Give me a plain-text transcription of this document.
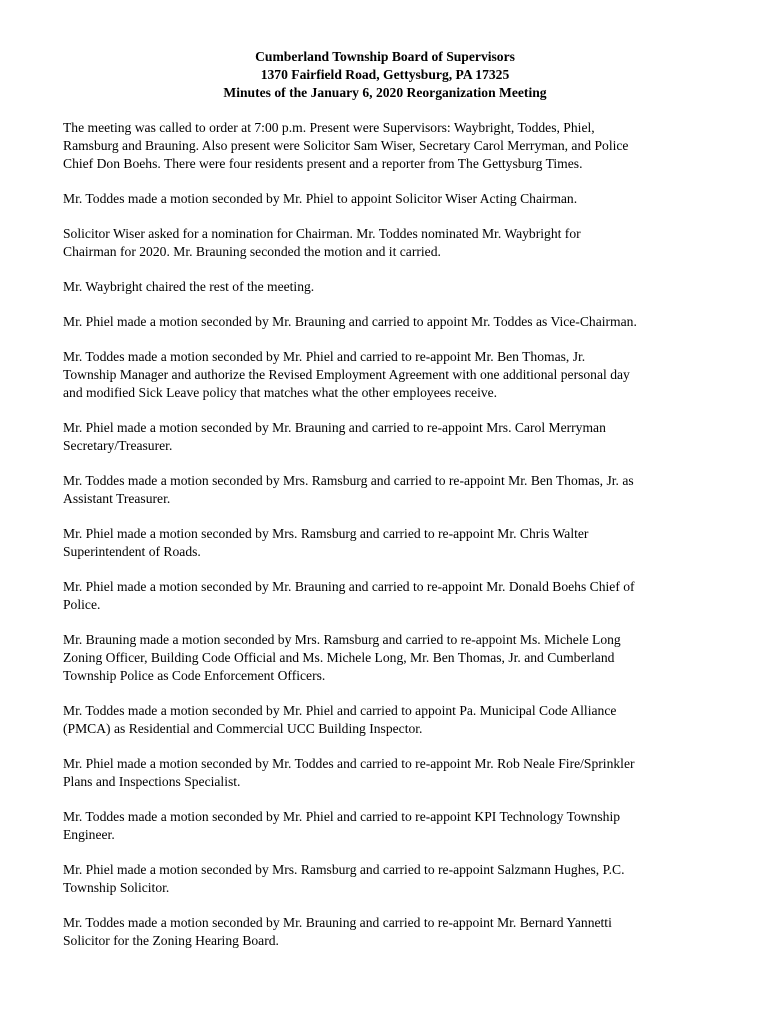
Cumberland Township Board of Supervisors
1370 Fairfield Road, Gettysburg, PA 17325
Minutes of the January 6, 2020 Reorganization Meeting
The meeting was called to order at 7:00 p.m. Present were Supervisors: Waybright, Toddes, Phiel,
Ramsburg and Brauning. Also present were Solicitor Sam Wiser, Secretary Carol Merryman, and Police
Chief Don Boehs. There were four residents present and a reporter from The Gettysburg Times.
Mr. Toddes made a motion seconded by Mr. Phiel to appoint Solicitor Wiser Acting Chairman.
Solicitor Wiser asked for a nomination for Chairman. Mr. Toddes nominated Mr. Waybright for
Chairman for 2020. Mr. Brauning seconded the motion and it carried.
Mr. Waybright chaired the rest of the meeting.
Mr. Phiel made a motion seconded by Mr. Brauning and carried to appoint Mr. Toddes as Vice-Chairman.
Mr. Toddes made a motion seconded by Mr. Phiel and carried to re-appoint Mr. Ben Thomas, Jr.
Township Manager and authorize the Revised Employment Agreement with one additional personal day
and modified Sick Leave policy that matches what the other employees receive.
Mr. Phiel made a motion seconded by Mr. Brauning and carried to re-appoint Mrs. Carol Merryman
Secretary/Treasurer.
Mr. Toddes made a motion seconded by Mrs. Ramsburg and carried to re-appoint Mr. Ben Thomas, Jr. as
Assistant Treasurer.
Mr. Phiel made a motion seconded by Mrs. Ramsburg and carried to re-appoint Mr. Chris Walter
Superintendent of Roads.
Mr. Phiel made a motion seconded by Mr. Brauning and carried to re-appoint Mr. Donald Boehs Chief of
Police.
Mr. Brauning made a motion seconded by Mrs. Ramsburg and carried to re-appoint Ms. Michele Long
Zoning Officer, Building Code Official and Ms. Michele Long, Mr. Ben Thomas, Jr. and Cumberland
Township Police as Code Enforcement Officers.
Mr. Toddes made a motion seconded by Mr. Phiel and carried to appoint Pa. Municipal Code Alliance
(PMCA) as Residential and Commercial UCC Building Inspector.
Mr. Phiel made a motion seconded by Mr. Toddes and carried to re-appoint Mr. Rob Neale Fire/Sprinkler
Plans and Inspections Specialist.
Mr. Toddes made a motion seconded by Mr. Phiel and carried to re-appoint KPI Technology Township
Engineer.
Mr. Phiel made a motion seconded by Mrs. Ramsburg and carried to re-appoint Salzmann Hughes, P.C.
Township Solicitor.
Mr. Toddes made a motion seconded by Mr. Brauning and carried to re-appoint Mr. Bernard Yannetti
Solicitor for the Zoning Hearing Board.
